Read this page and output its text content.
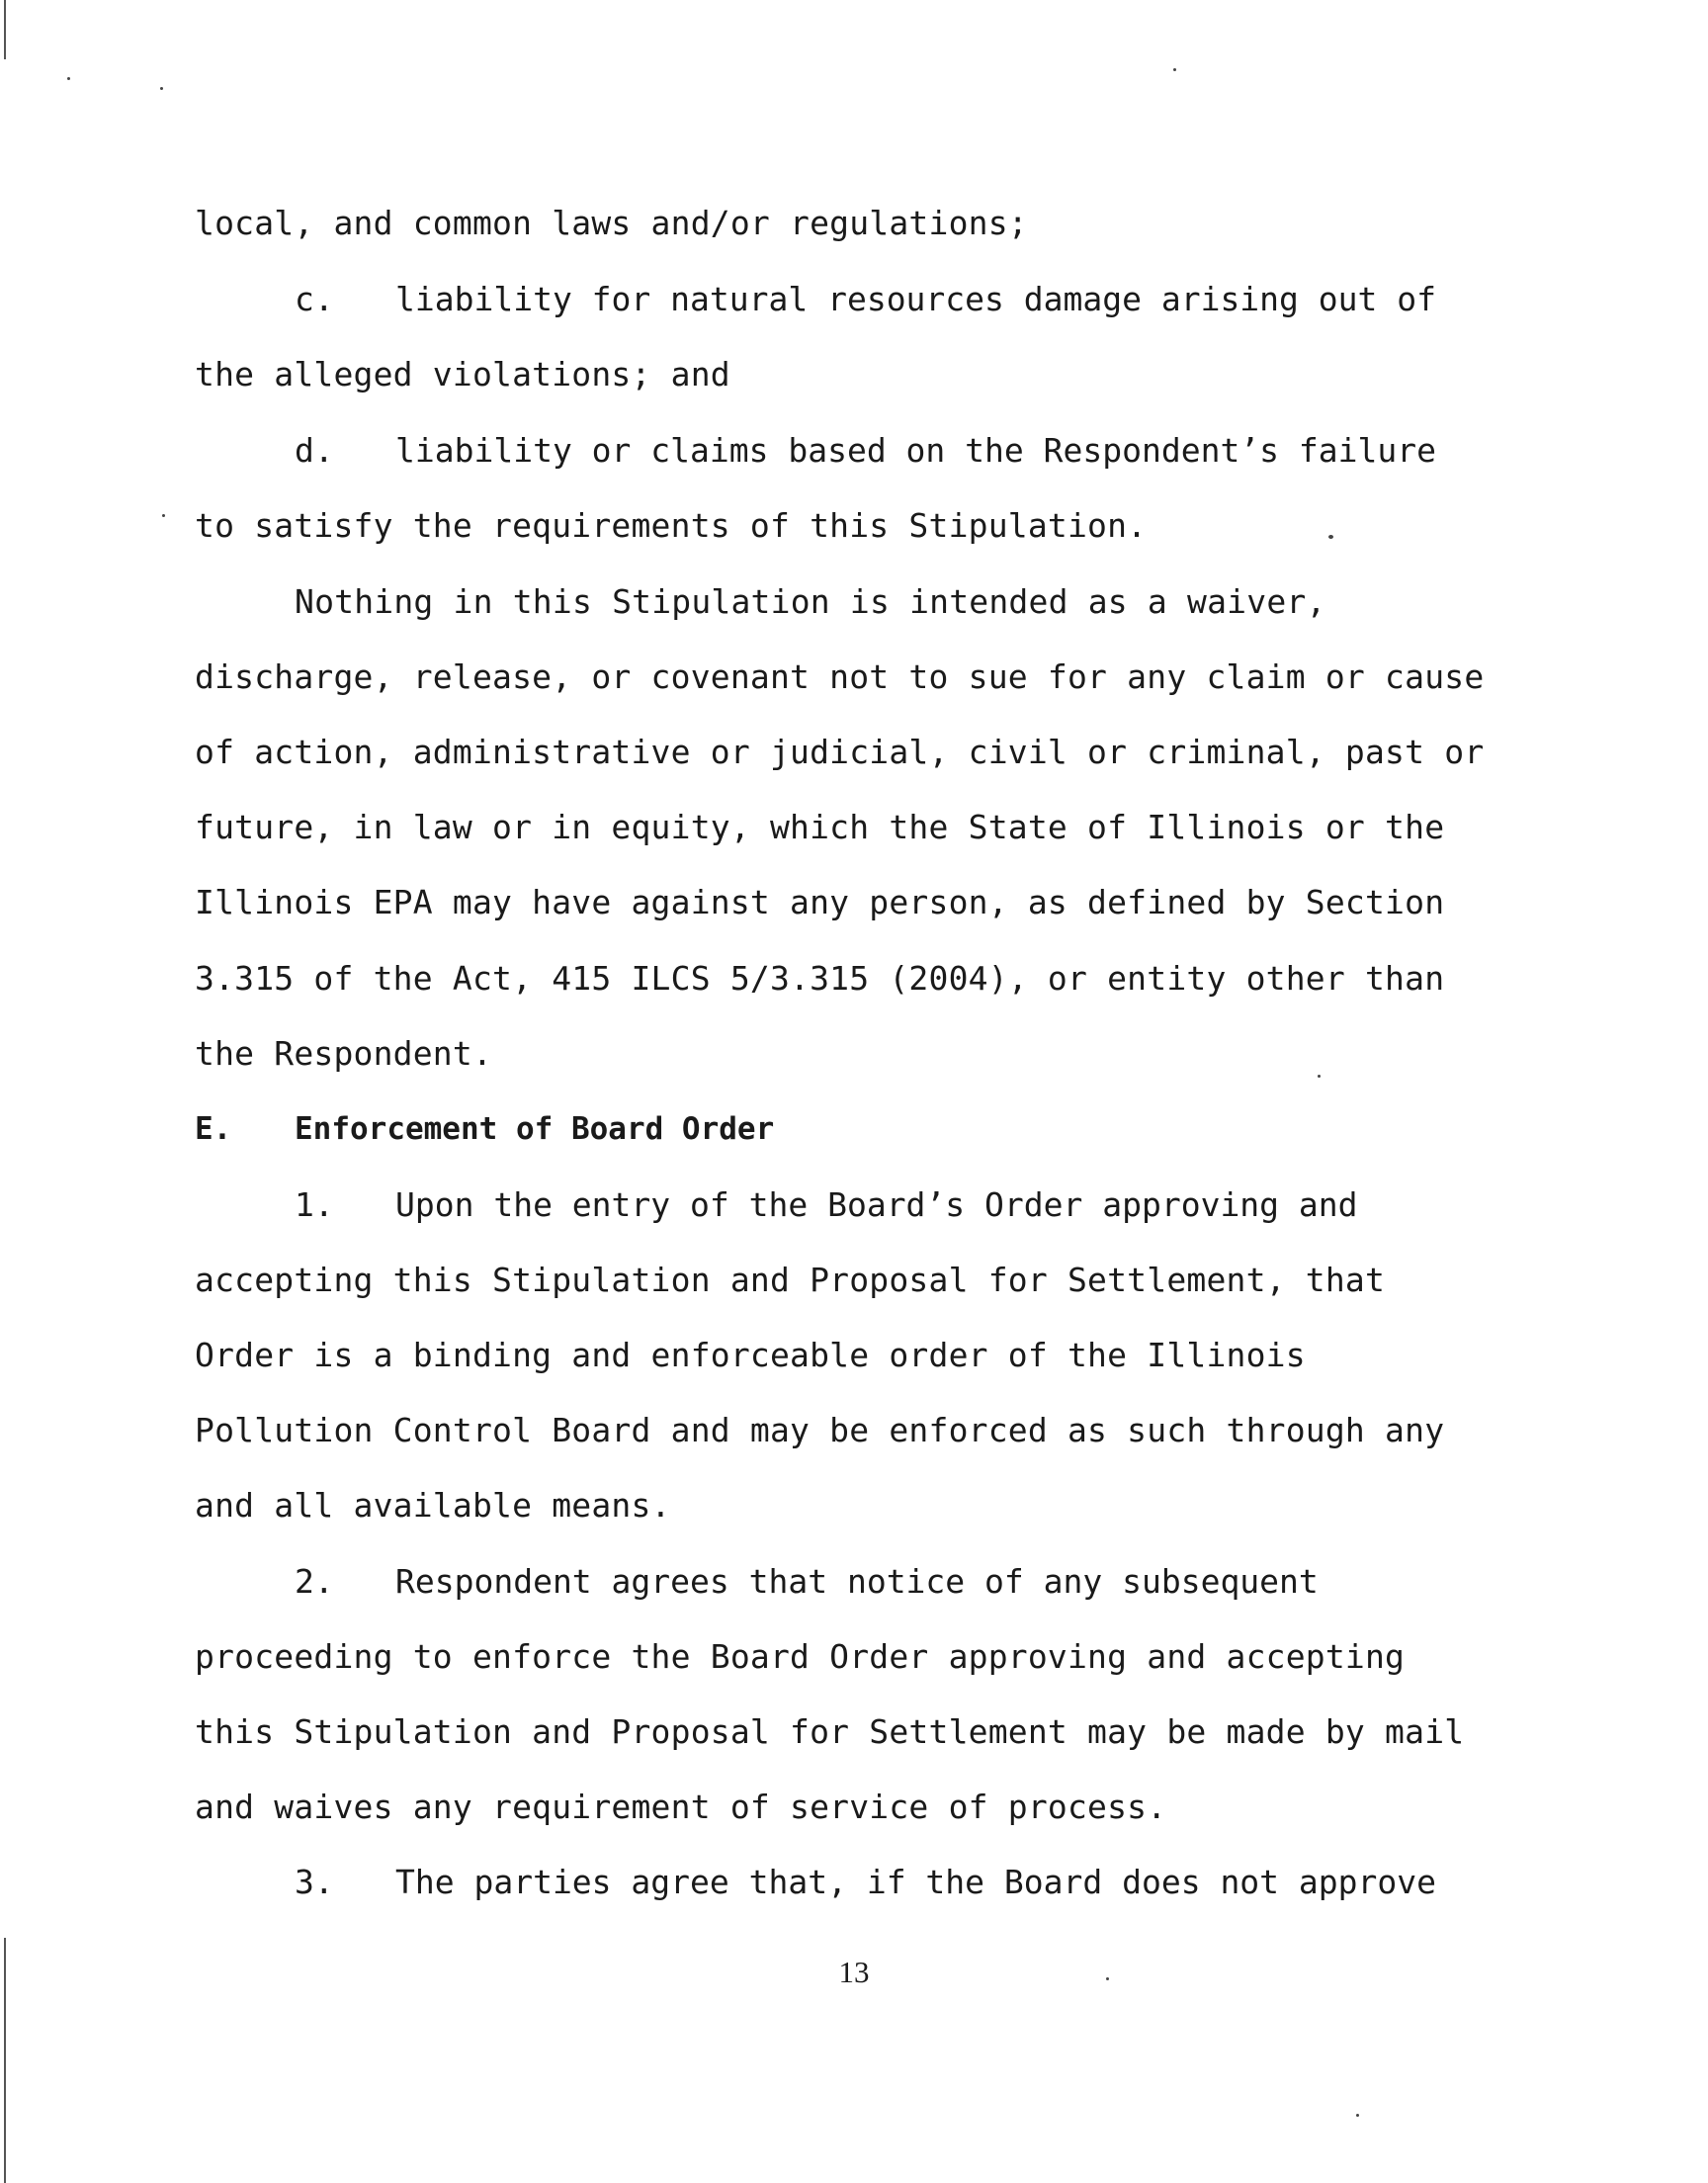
local, and common laws and/or regulations;

c. liability for natural resources damage arising out of

the alleged violations; and

d. liability or claims based on the Respondent’s failure

to satisfy the requirements of this Stipulation.

Nothing in this Stipulation is intended as a waiver,

discharge, release, or covenant not to sue for any claim or cause

of action, administrative or judicial, civil or criminal, past or

future, in law or in equity, which the State of Illinois or the

Illinois EPA may have against any person, as defined by Section

3.315 of the Act, 415 ILCS 5/3.315 (2004), or entity other than

the Respondent.

E. Enforcement of Board Order

1. Upon the entry of the Board’s Order approving and

accepting this Stipulation and Proposal for Settlement, that

Order is a binding and enforceable order of the Illinois

Pollution Control Board and may be enforced as such through any

and all available means.

2. Respondent agrees that notice of any subsequent

proceeding to enforce the Board Order approving and accepting

this Stipulation and Proposal for Settlement may be made by mail

and waives any requirement of service of process.

3. The parties agree that, if the Board does not approve

13
